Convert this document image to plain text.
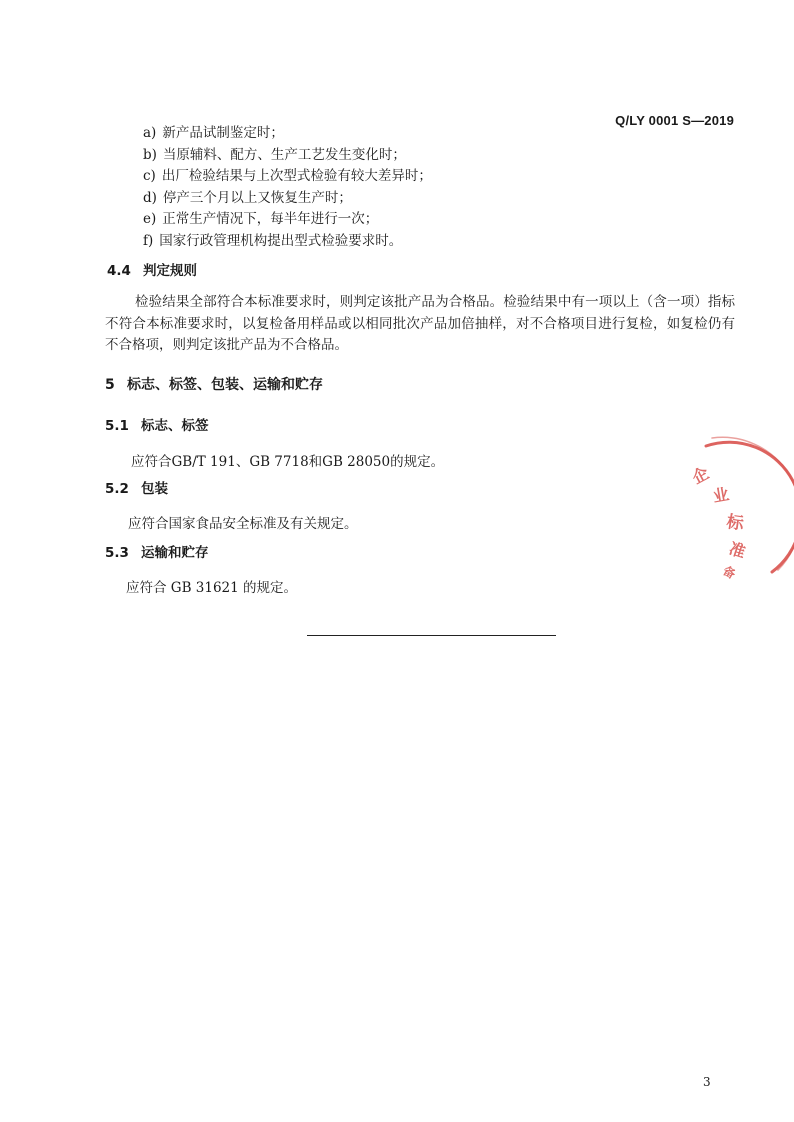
Q/LY 0001 S—2019
a) 新产品试制鉴定时；
b) 当原辅料、配方、生产工艺发生变化时；
c) 出厂检验结果与上次型式检验有较大差异时；
d) 停产三个月以上又恢复生产时；
e) 正常生产情况下，每半年进行一次；
f) 国家行政管理机构提出型式检验要求时。
4.4 判定规则

检验结果全部符合本标准要求时，则判定该批产品为合格品。检验结果中有一项以上（含一项）指标不符合本标准要求时，以复检备用样品或以相同批次产品加倍抽样，对不合格项目进行复检，如复检仍有不合格项，则判定该批产品为不合格品。

5 标志、标签、包装、运输和贮存
5.1 标志、标签
应符合GB/T 191、GB 7718和GB 28050的规定。
5.2 包装
应符合国家食品安全标准及有关规定。
5.3 运输和贮存
应符合 GB 31621 的规定。
企
业
标
准
备
3
